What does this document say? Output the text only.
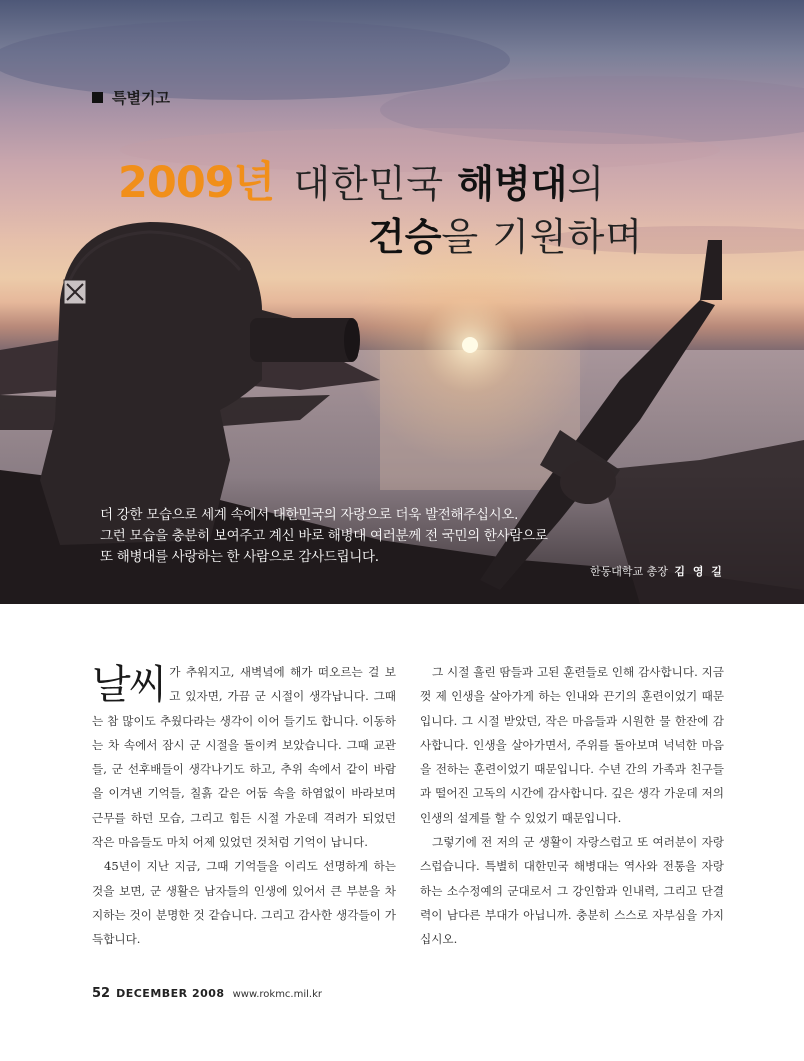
특별기고
2009년 대한민국 해병대의
건승을 기원하며
더 강한 모습으로 세계 속에서 대한민국의 자랑으로 더욱 발전해주십시오.
그런 모습을 충분히 보여주고 계신 바로 해병대 여러분께 전 국민의 한사람으로
또 해병대를 사랑하는 한 사람으로 감사드립니다.
한동대학교 총장 김 영 길

날씨 가 추워지고, 새벽녘에 해가 떠오르는 걸 보고 있자면, 가끔 군 시절이 생각납니다. 그때는 참 많이도 추웠다라는 생각이 이어 들기도 합니다. 이동하는 차 속에서 잠시 군 시절을 돌이켜 보았습니다. 그때 교관들, 군 선후배들이 생각나기도 하고, 추위 속에서 같이 바람을 이겨낸 기억들, 칠흙 같은 어둠 속을 하염없이 바라보며 근무를 하던 모습, 그리고 힘든 시절 가운데 격려가 되었던 작은 마음들도 마치 어제 있었던 것처럼 기억이 납니다.

45년이 지난 지금, 그때 기억들을 이리도 선명하게 하는 것을 보면, 군 생활은 남자들의 인생에 있어서 큰 부분을 차지하는 것이 분명한 것 같습니다. 그리고 감사한 생각들이 가득합니다.

그 시절 흘린 땀들과 고된 훈련들로 인해 감사합니다. 지금껏 제 인생을 살아가게 하는 인내와 끈기의 훈련이었기 때문입니다. 그 시절 받았던, 작은 마음들과 시원한 물 한잔에 감사합니다. 인생을 살아가면서, 주위를 돌아보며 넉넉한 마음을 전하는 훈련이었기 때문입니다. 수년 간의 가족과 친구들과 떨어진 고독의 시간에 감사합니다. 깊은 생각 가운데 저의 인생의 설계를 할 수 있었기 때문입니다.

그렇기에 전 저의 군 생활이 자랑스럽고 또 여러분이 자랑스럽습니다. 특별히 대한민국 해병대는 역사와 전통을 자랑하는 소수정예의 군대로서 그 강인함과 인내력, 그리고 단결력이 남다른 부대가 아닙니까. 충분히 스스로 자부심을 가지십시오.

52 DECEMBER 2008 www.rokmc.mil.kr
